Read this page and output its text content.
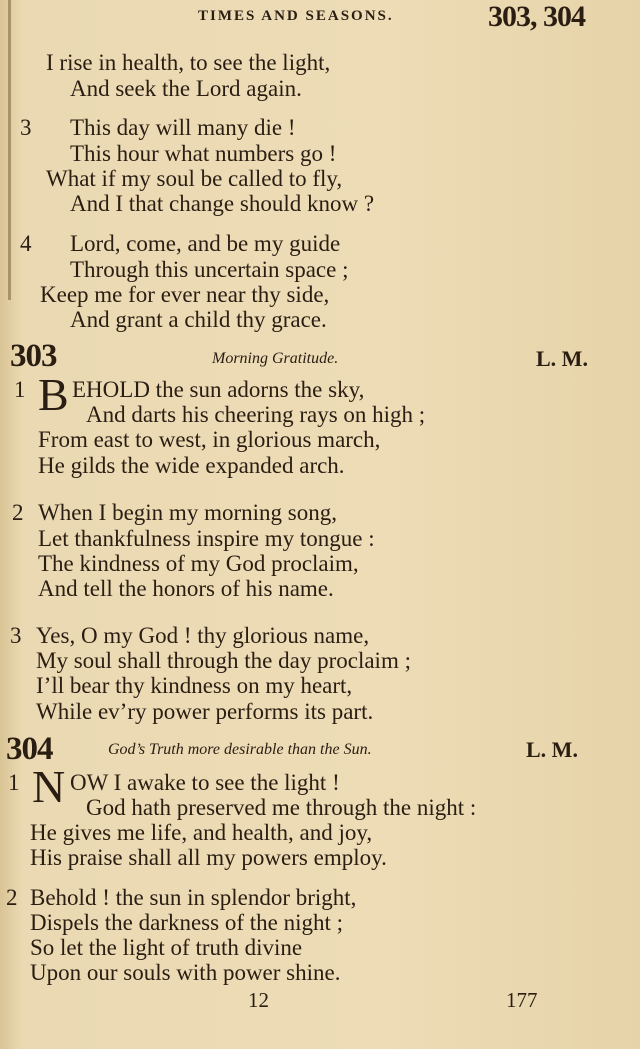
TIMES AND SEASONS.	303, 304
I rise in health, to see the light,
And seek the Lord again.
3 This day will many die !
This hour what numbers go !
What if my soul be called to fly,
And I that change should know ?
4 Lord, come, and be my guide
Through this uncertain space ;
Keep me for ever near thy side,
And grant a child thy grace.
303	Morning Gratitude.	L. M.
1 B EHOLD the sun adorns the sky,
And darts his cheering rays on high ;
From east to west, in glorious march,
He gilds the wide expanded arch.
2 When I begin my morning song,
Let thankfulness inspire my tongue :
The kindness of my God proclaim,
And tell the honors of his name.
3 Yes, O my God ! thy glorious name,
My soul shall through the day proclaim ;
I’ll bear thy kindness on my heart,
While ev’ry power performs its part.
304	God’s Truth more desirable than the Sun.	L. M.
1 N OW I awake to see the light !
God hath preserved me through the night :
He gives me life, and health, and joy,
His praise shall all my powers employ.
2 Behold ! the sun in splendor bright,
Dispels the darkness of the night ;
So let the light of truth divine
Upon our souls with power shine.
12	177
